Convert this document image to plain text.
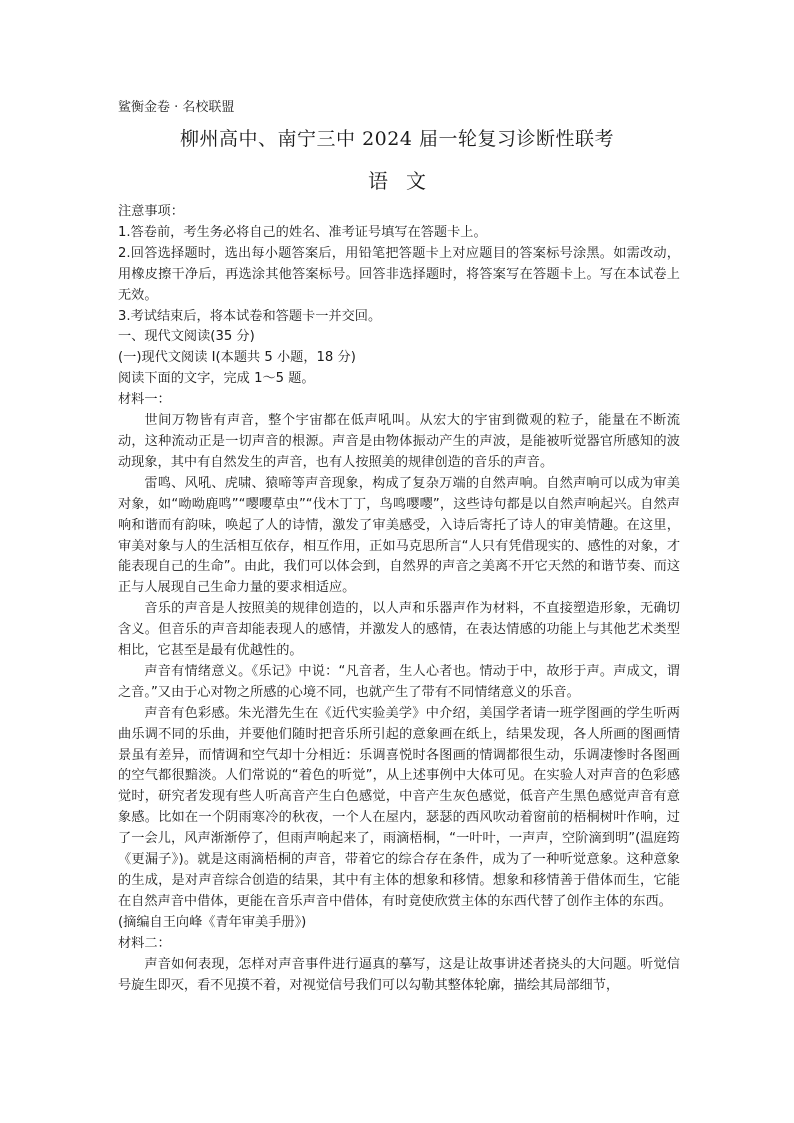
鲨衡金卷 · 名校联盟
柳州高中、南宁三中 2024 届一轮复习诊断性联考
语文

注意事项：

1.答卷前，考生务必将自己的姓名、准考证号填写在答题卡上。

2.回答选择题时，选出每小题答案后，用铅笔把答题卡上对应题目的答案标号涂黑。如需改动，用橡皮擦干净后，再选涂其他答案标号。回答非选择题时，将答案写在答题卡上。写在本试卷上无效。

3.考试结束后，将本试卷和答题卡一并交回。

一、现代文阅读(35 分)

(一)现代文阅读 I(本题共 5 小题，18 分)

阅读下面的文字，完成 1～5 题。

材料一：

世间万物皆有声音，整个宇宙都在低声吼叫。从宏大的宇宙到微观的粒子，能量在不断流动，这种流动正是一切声音的根源。声音是由物体振动产生的声波，是能被听觉器官所感知的波动现象，其中有自然发生的声音，也有人按照美的规律创造的音乐的声音。

雷鸣、风吼、虎啸、猿啼等声音现象，构成了复杂万端的自然声响。自然声响可以成为审美对象，如“呦呦鹿鸣”“嘤嘤草虫”“伐木丁丁，鸟鸣嘤嘤”，这些诗句都是以自然声响起兴。自然声响和谐而有韵味，唤起了人的诗情，激发了审美感受，入诗后寄托了诗人的审美情趣。在这里，审美对象与人的生活相互依存，相互作用，正如马克思所言“人只有凭借现实的、感性的对象，才能表现自己的生命”。由此，我们可以体会到，自然界的声音之美离不开它天然的和谐节奏、而这正与人展现自己生命力量的要求相适应。

音乐的声音是人按照美的规律创造的，以人声和乐器声作为材料，不直接塑造形象，无确切含义。但音乐的声音却能表现人的感情，并激发人的感情，在表达情感的功能上与其他艺术类型相比，它甚至是最有优越性的。

声音有情绪意义。《乐记》中说：“凡音者，生人心者也。情动于中，故形于声。声成文，谓之音。”又由于心对物之所感的心境不同，也就产生了带有不同情绪意义的乐音。

声音有色彩感。朱光潜先生在《近代实验美学》中介绍，美国学者请一班学图画的学生听两曲乐调不同的乐曲，并要他们随时把音乐所引起的意象画在纸上，结果发现，各人所画的图画情景虽有差异，而情调和空气却十分相近：乐调喜悦时各图画的情调都很生动，乐调凄惨时各图画的空气都很黯淡。人们常说的“着色的听觉”，从上述事例中大体可见。在实验人对声音的色彩感觉时，研究者发现有些人听高音产生白色感觉，中音产生灰色感觉，低音产生黑色感觉声音有意象感。比如在一个阴雨寒冷的秋夜，一个人在屋内，瑟瑟的西风吹动着窗前的梧桐树叶作响，过了一会儿，风声渐渐停了，但雨声响起来了，雨滴梧桐，“一叶叶，一声声，空阶滴到明”(温庭筠《更漏子》)。就是这雨滴梧桐的声音，带着它的综合存在条件，成为了一种听觉意象。这种意象的生成，是对声音综合创造的结果，其中有主体的想象和移情。想象和移情善于借体而生，它能在自然声音中借体，更能在音乐声音中借体，有时竟使欣赏主体的东西代替了创作主体的东西。

(摘编自王向峰《青年审美手册》)

材料二：

声音如何表现，怎样对声音事件进行逼真的摹写，这是让故事讲述者挠头的大问题。听觉信号旋生即灭，看不见摸不着，对视觉信号我们可以勾勒其整体轮廓，描绘其局部细节，
